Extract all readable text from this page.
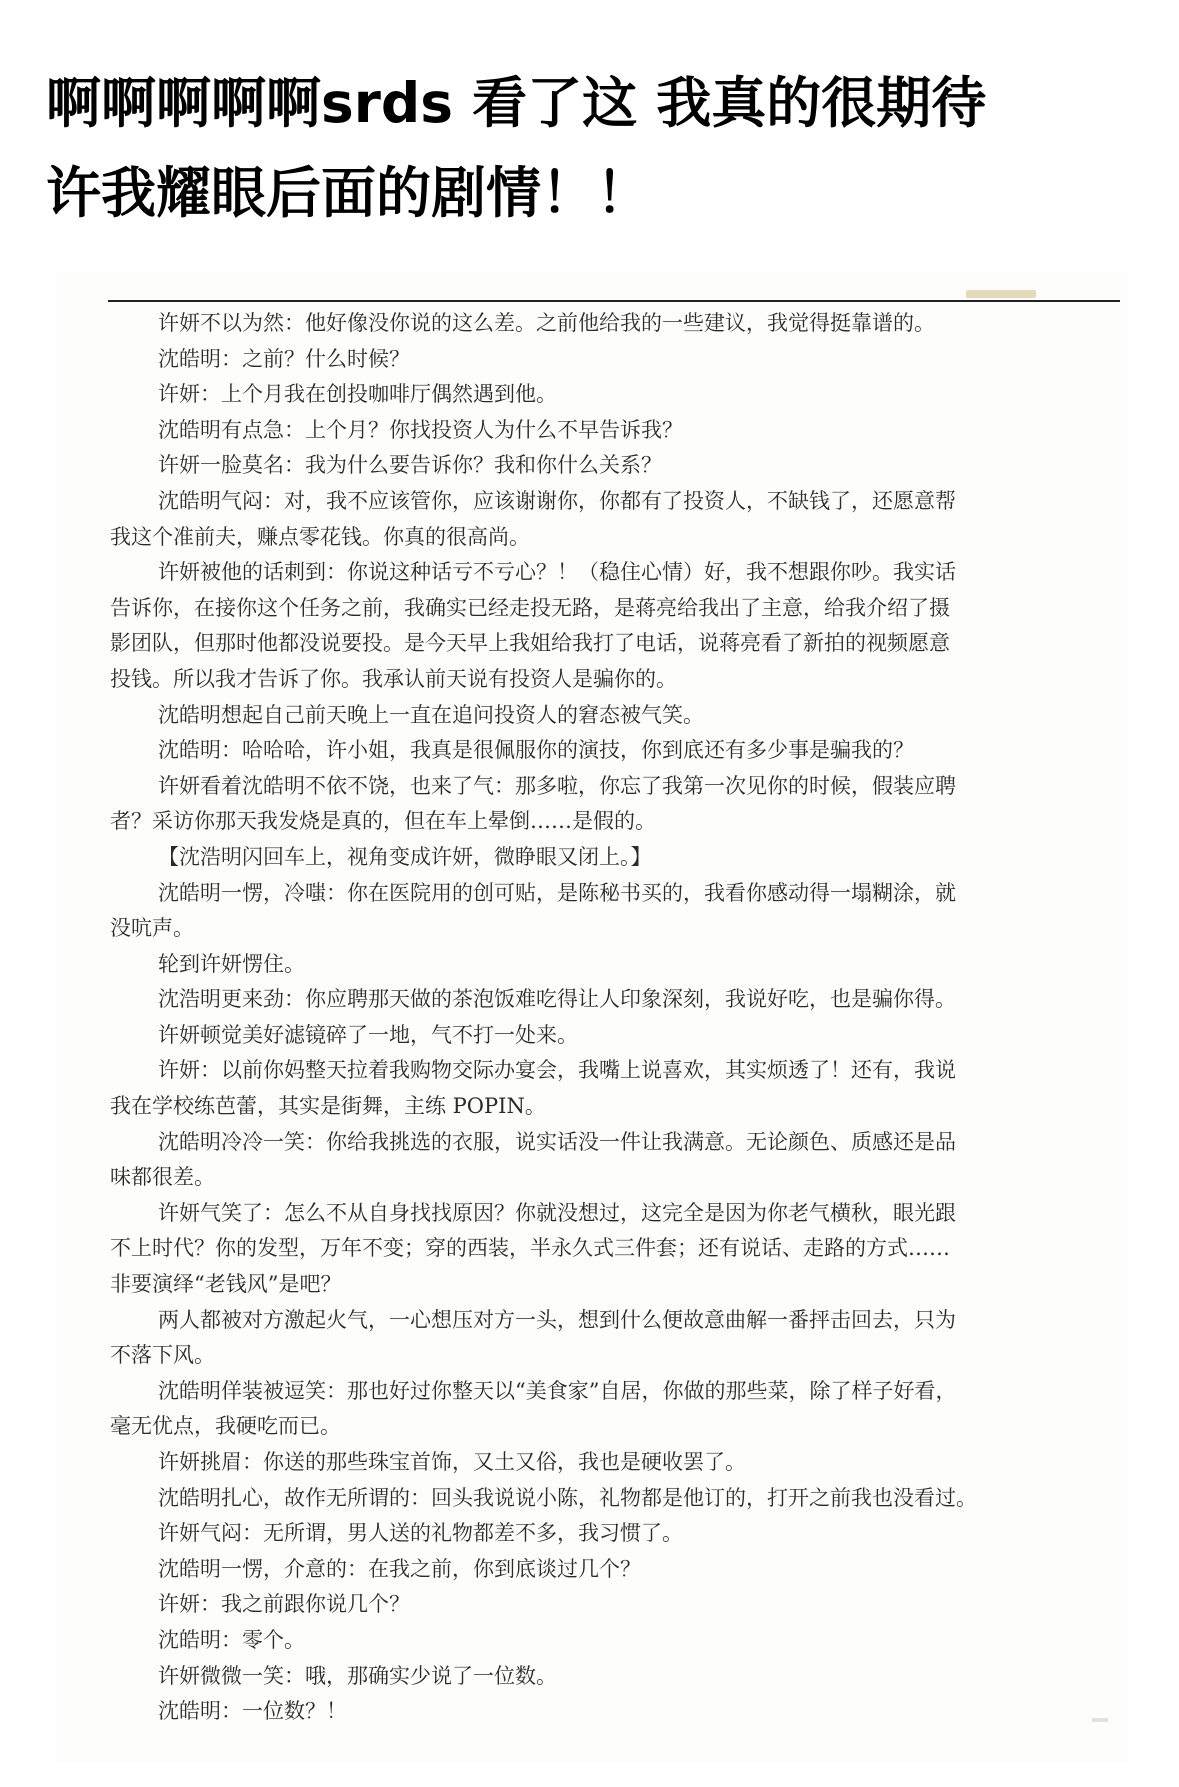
啊啊啊啊啊srds 看了这 我真的很期待
许我耀眼后面的剧情！！
许妍不以为然：他好像没你说的这么差。之前他给我的一些建议，我觉得挺靠谱的。
沈皓明：之前？什么时候？
许妍：上个月我在创投咖啡厅偶然遇到他。
沈皓明有点急：上个月？你找投资人为什么不早告诉我？
许妍一脸莫名：我为什么要告诉你？我和你什么关系？
沈皓明气闷：对，我不应该管你，应该谢谢你，你都有了投资人，不缺钱了，还愿意帮
我这个准前夫，赚点零花钱。你真的很高尚。
许妍被他的话刺到：你说这种话亏不亏心？！（稳住心情）好，我不想跟你吵。我实话
告诉你，在接你这个任务之前，我确实已经走投无路，是蒋亮给我出了主意，给我介绍了摄
影团队，但那时他都没说要投。是今天早上我姐给我打了电话，说蒋亮看了新拍的视频愿意
投钱。所以我才告诉了你。我承认前天说有投资人是骗你的。
沈皓明想起自己前天晚上一直在追问投资人的窘态被气笑。
沈皓明：哈哈哈，许小姐，我真是很佩服你的演技，你到底还有多少事是骗我的？
许妍看着沈皓明不依不饶，也来了气：那多啦，你忘了我第一次见你的时候，假装应聘
者？采访你那天我发烧是真的，但在车上晕倒……是假的。
【沈浩明闪回车上，视角变成许妍，微睁眼又闭上。】
沈皓明一愣，冷嗤：你在医院用的创可贴，是陈秘书买的，我看你感动得一塌糊涂，就
没吭声。
轮到许妍愣住。
沈浩明更来劲：你应聘那天做的茶泡饭难吃得让人印象深刻，我说好吃，也是骗你得。
许妍顿觉美好滤镜碎了一地，气不打一处来。
许妍：以前你妈整天拉着我购物交际办宴会，我嘴上说喜欢，其实烦透了！还有，我说
我在学校练芭蕾，其实是街舞，主练 POPIN。
沈皓明冷冷一笑：你给我挑选的衣服，说实话没一件让我满意。无论颜色、质感还是品
味都很差。
许妍气笑了：怎么不从自身找找原因？你就没想过，这完全是因为你老气横秋，眼光跟
不上时代？你的发型，万年不变；穿的西装，半永久式三件套；还有说话、走路的方式……
非要演绎“老钱风”是吧？
两人都被对方激起火气，一心想压对方一头，想到什么便故意曲解一番抨击回去，只为
不落下风。
沈皓明佯装被逗笑：那也好过你整天以“美食家”自居，你做的那些菜，除了样子好看，
毫无优点，我硬吃而已。
许妍挑眉：你送的那些珠宝首饰，又土又俗，我也是硬收罢了。
沈皓明扎心，故作无所谓的：回头我说说小陈，礼物都是他订的，打开之前我也没看过。
许妍气闷：无所谓，男人送的礼物都差不多，我习惯了。
沈皓明一愣，介意的：在我之前，你到底谈过几个？
许妍：我之前跟你说几个？
沈皓明：零个。
许妍微微一笑：哦，那确实少说了一位数。
沈皓明：一位数？！
